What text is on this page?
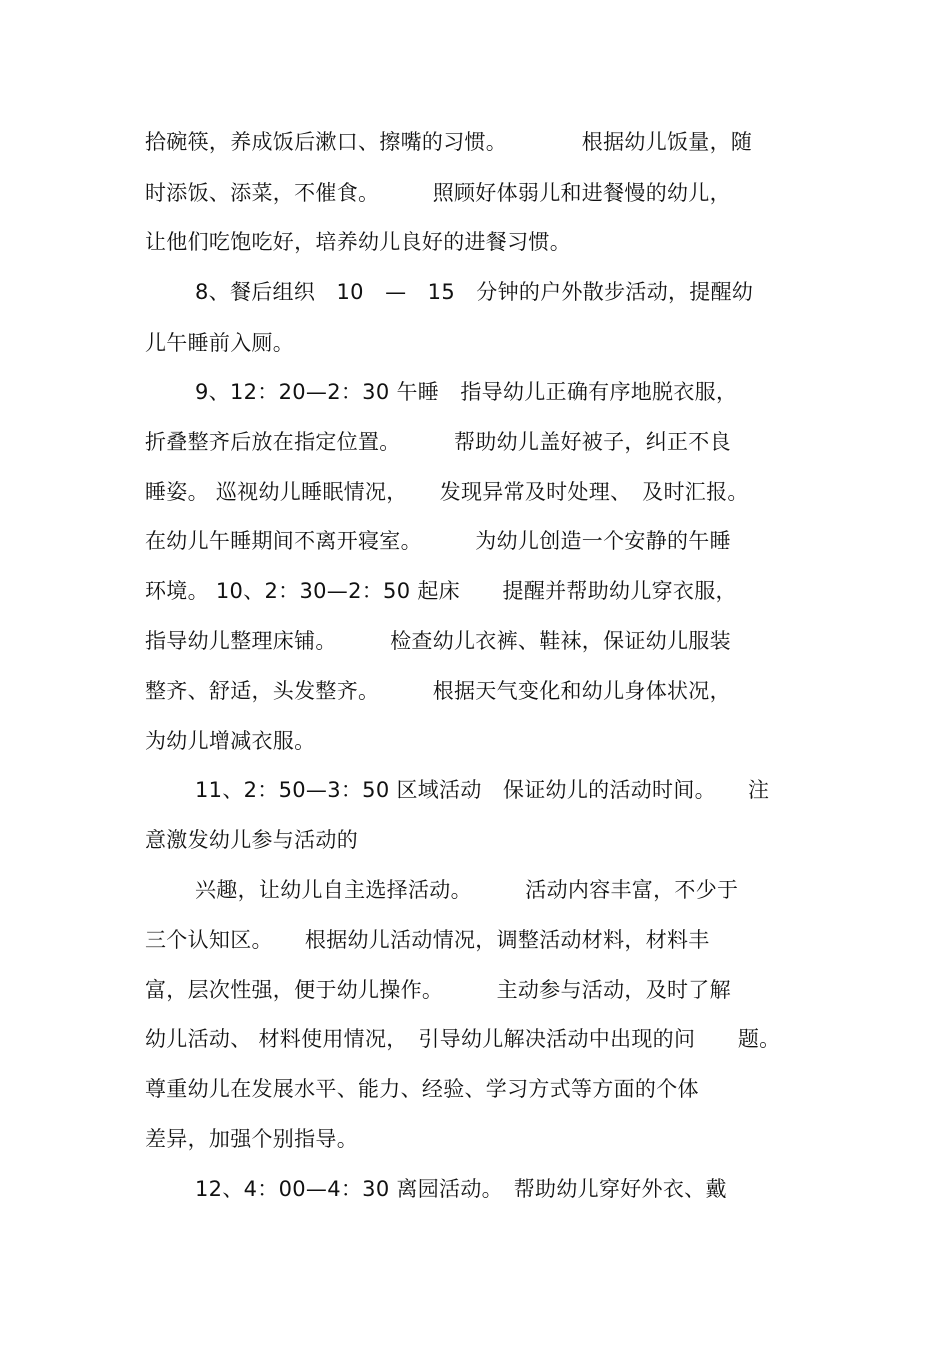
拾碗筷，养成饭后漱口、擦嘴的习惯。　　　　根据幼儿饭量，随
时添饭、添菜，不催食。　　　照顾好体弱儿和进餐慢的幼儿，
让他们吃饱吃好，培养幼儿良好的进餐习惯。
8、餐后组织　10　—　15　分钟的户外散步活动，提醒幼
儿午睡前入厕。
9、12：20—2：30 午睡　指导幼儿正确有序地脱衣服，
折叠整齐后放在指定位置。　　　帮助幼儿盖好被子，纠正不良
睡姿。 巡视幼儿睡眠情况，　　发现异常及时处理、　及时汇报。
在幼儿午睡期间不离开寝室。　　　为幼儿创造一个安静的午睡
环境。 10、2：30—2：50 起床　　提醒并帮助幼儿穿衣服，
指导幼儿整理床铺。　　　检查幼儿衣裤、鞋袜，保证幼儿服装
整齐、舒适，头发整齐。　　　根据天气变化和幼儿身体状况，
为幼儿增减衣服。
11、2：50—3：50 区域活动　保证幼儿的活动时间。　　注
意激发幼儿参与活动的
兴趣，让幼儿自主选择活动。　　　活动内容丰富，不少于
三个认知区。　　根据幼儿活动情况，调整活动材料，材料丰
富，层次性强，便于幼儿操作。　　　主动参与活动，及时了解
幼儿活动、 材料使用情况，　引导幼儿解决活动中出现的问　　题。
尊重幼儿在发展水平、能力、经验、学习方式等方面的个体
差异，加强个别指导。
12、4：00—4：30 离园活动。　帮助幼儿穿好外衣、戴
